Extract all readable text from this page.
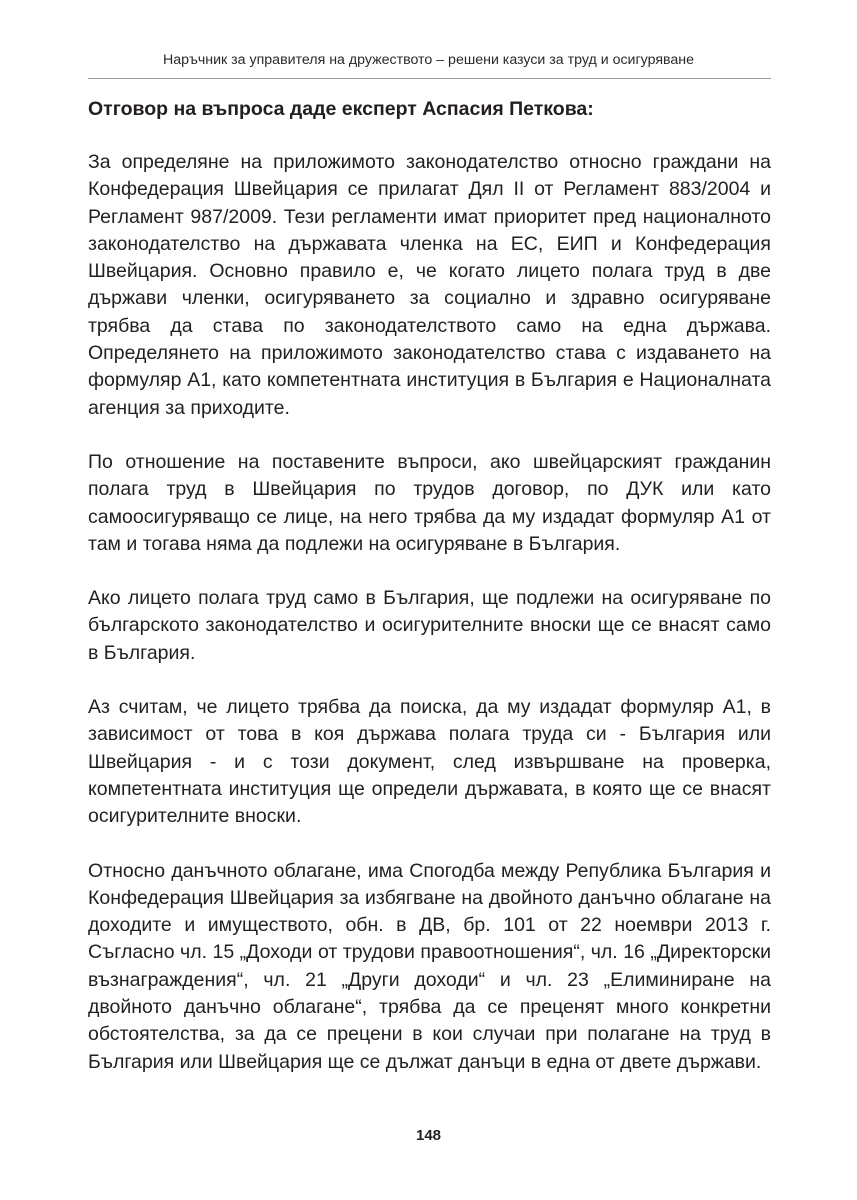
Наръчник за управителя на дружеството – решени казуси за труд и осигуряване
Отговор на въпроса даде експерт Аспасия Петкова:

За определяне на приложимото законодателство относно граждани на Конфедерация Швейцария се прилагат Дял II от Регламент 883/2004 и Регламент 987/2009. Тези регламенти имат приоритет пред националното законодателство на държавата членка на ЕС, ЕИП и Конфедерация Швейцария. Основно правило е, че когато лицето полага труд в две държави членки, осигуряването за социално и здравно осигуряване трябва да става по законодателството само на една държава. Определянето на приложимото законодателство става с издаването на формуляр А1, като компетентната институция в България е Националната агенция за приходите.

По отношение на поставените въпроси, ако швейцарският гражданин полага труд в Швейцария по трудов договор, по ДУК или като самоосигуряващо се лице, на него трябва да му издадат формуляр А1 от там и тогава няма да подлежи на осигуряване в България.

Ако лицето полага труд само в България, ще подлежи на осигуряване по българското законодателство и осигурителните вноски ще се внасят само в България.

Аз считам, че лицето трябва да поиска, да му издадат формуляр А1, в зависимост от това в коя държава полага труда си - България или Швейцария - и с този документ, след извършване на проверка, компетентната институция ще определи държавата, в която ще се внасят осигурителните вноски.

Относно данъчното облагане, има Спогодба между Република България и Конфедерация Швейцария за избягване на двойното данъчно облагане на доходите и имуществото, обн. в ДВ, бр. 101 от 22 ноември 2013 г. Съгласно чл. 15 „Доходи от трудови правоотношения“, чл. 16 „Директорски възнаграждения“, чл. 21 „Други доходи“ и чл. 23 „Елиминиране на двойното данъчно облагане“, трябва да се преценят много конкретни обстоятелства, за да се прецени в кои случаи при полагане на труд в България или Швейцария ще се дължат данъци в една от двете държави.

148
